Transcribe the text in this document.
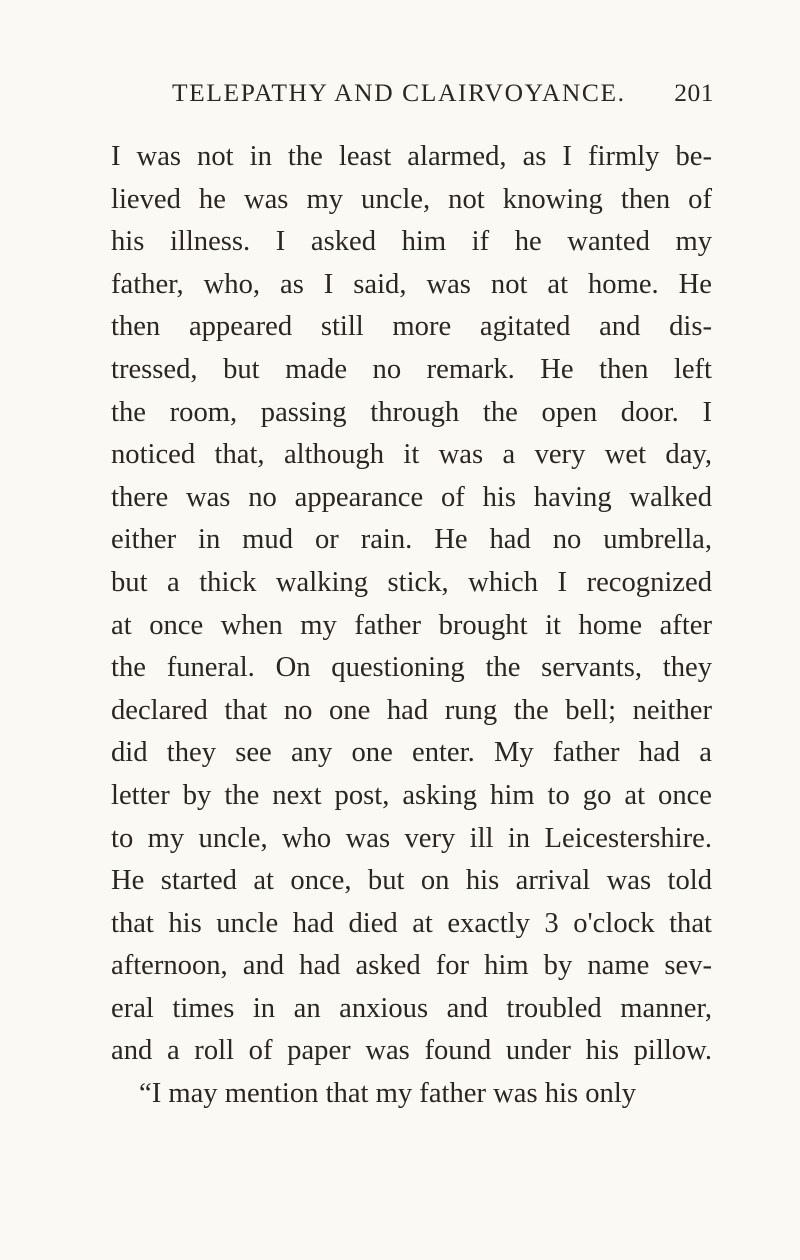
TELEPATHY AND CLAIRVOYANCE. 201
I was not in the least alarmed, as I firmly be-
lieved he was my uncle, not knowing then of
his illness. I asked him if he wanted my
father, who, as I said, was not at home. He
then appeared still more agitated and dis-
tressed, but made no remark. He then left
the room, passing through the open door. I
noticed that, although it was a very wet day,
there was no appearance of his having walked
either in mud or rain. He had no umbrella,
but a thick walking stick, which I recognized
at once when my father brought it home after
the funeral. On questioning the servants, they
declared that no one had rung the bell; neither
did they see any one enter. My father had a
letter by the next post, asking him to go at once
to my uncle, who was very ill in Leicestershire.
He started at once, but on his arrival was told
that his uncle had died at exactly 3 o'clock that
afternoon, and had asked for him by name sev-
eral times in an anxious and troubled manner,
and a roll of paper was found under his pillow.
“I may mention that my father was his only
